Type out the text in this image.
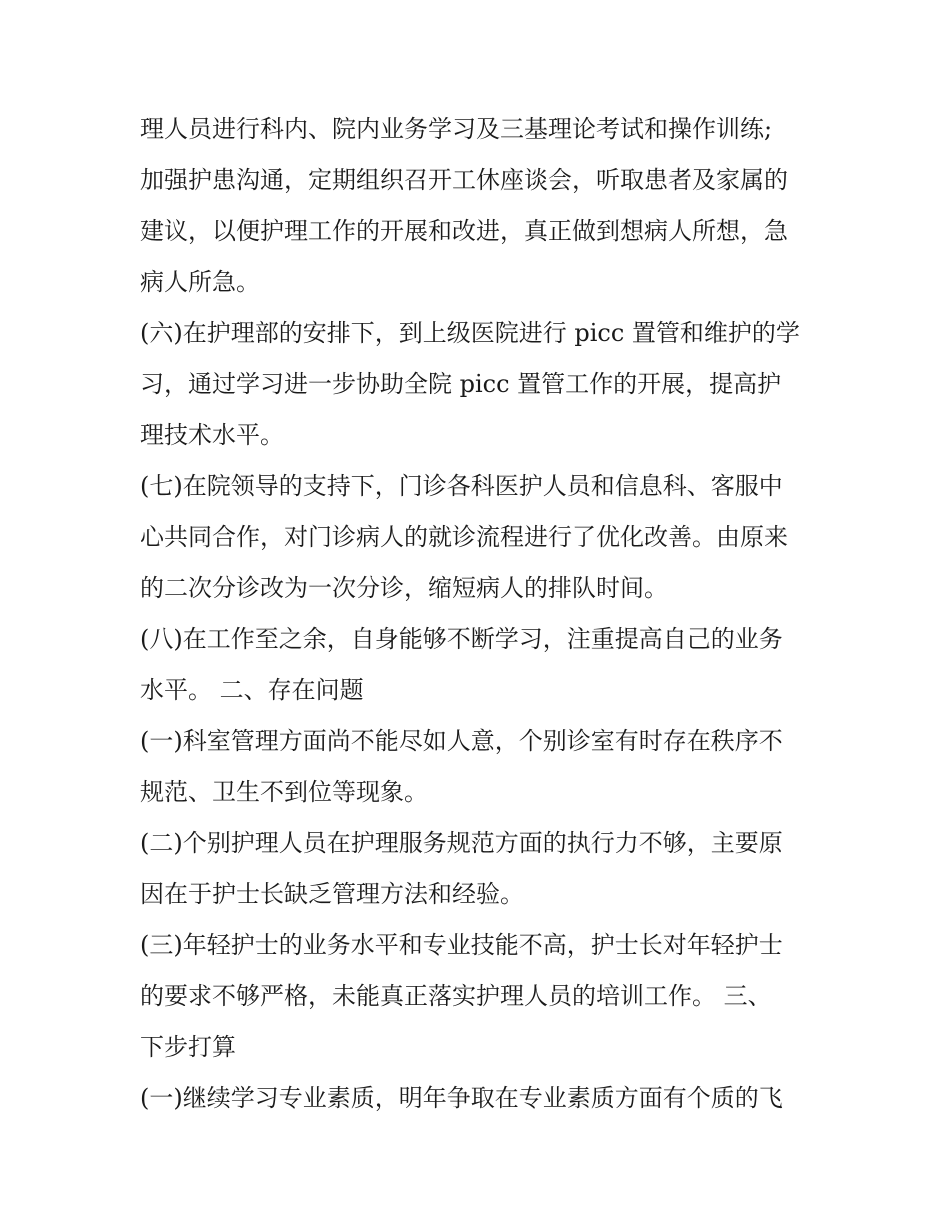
理人员进行科内、院内业务学习及三基理论考试和操作训练;
加强护患沟通，定期组织召开工休座谈会，听取患者及家属的
建议，以便护理工作的开展和改进，真正做到想病人所想，急
病人所急。
(六)在护理部的安排下，到上级医院进行 picc 置管和维护的学
习，通过学习进一步协助全院 picc 置管工作的开展，提高护
理技术水平。
(七)在院领导的支持下，门诊各科医护人员和信息科、客服中
心共同合作，对门诊病人的就诊流程进行了优化改善。由原来
的二次分诊改为一次分诊，缩短病人的排队时间。
(八)在工作至之余，自身能够不断学习，注重提高自己的业务
水平。 二、存在问题
(一)科室管理方面尚不能尽如人意，个别诊室有时存在秩序不
规范、卫生不到位等现象。
(二)个别护理人员在护理服务规范方面的执行力不够，主要原
因在于护士长缺乏管理方法和经验。
(三)年轻护士的业务水平和专业技能不高，护士长对年轻护士
的要求不够严格，未能真正落实护理人员的培训工作。 三、
下步打算
(一)继续学习专业素质，明年争取在专业素质方面有个质的飞
